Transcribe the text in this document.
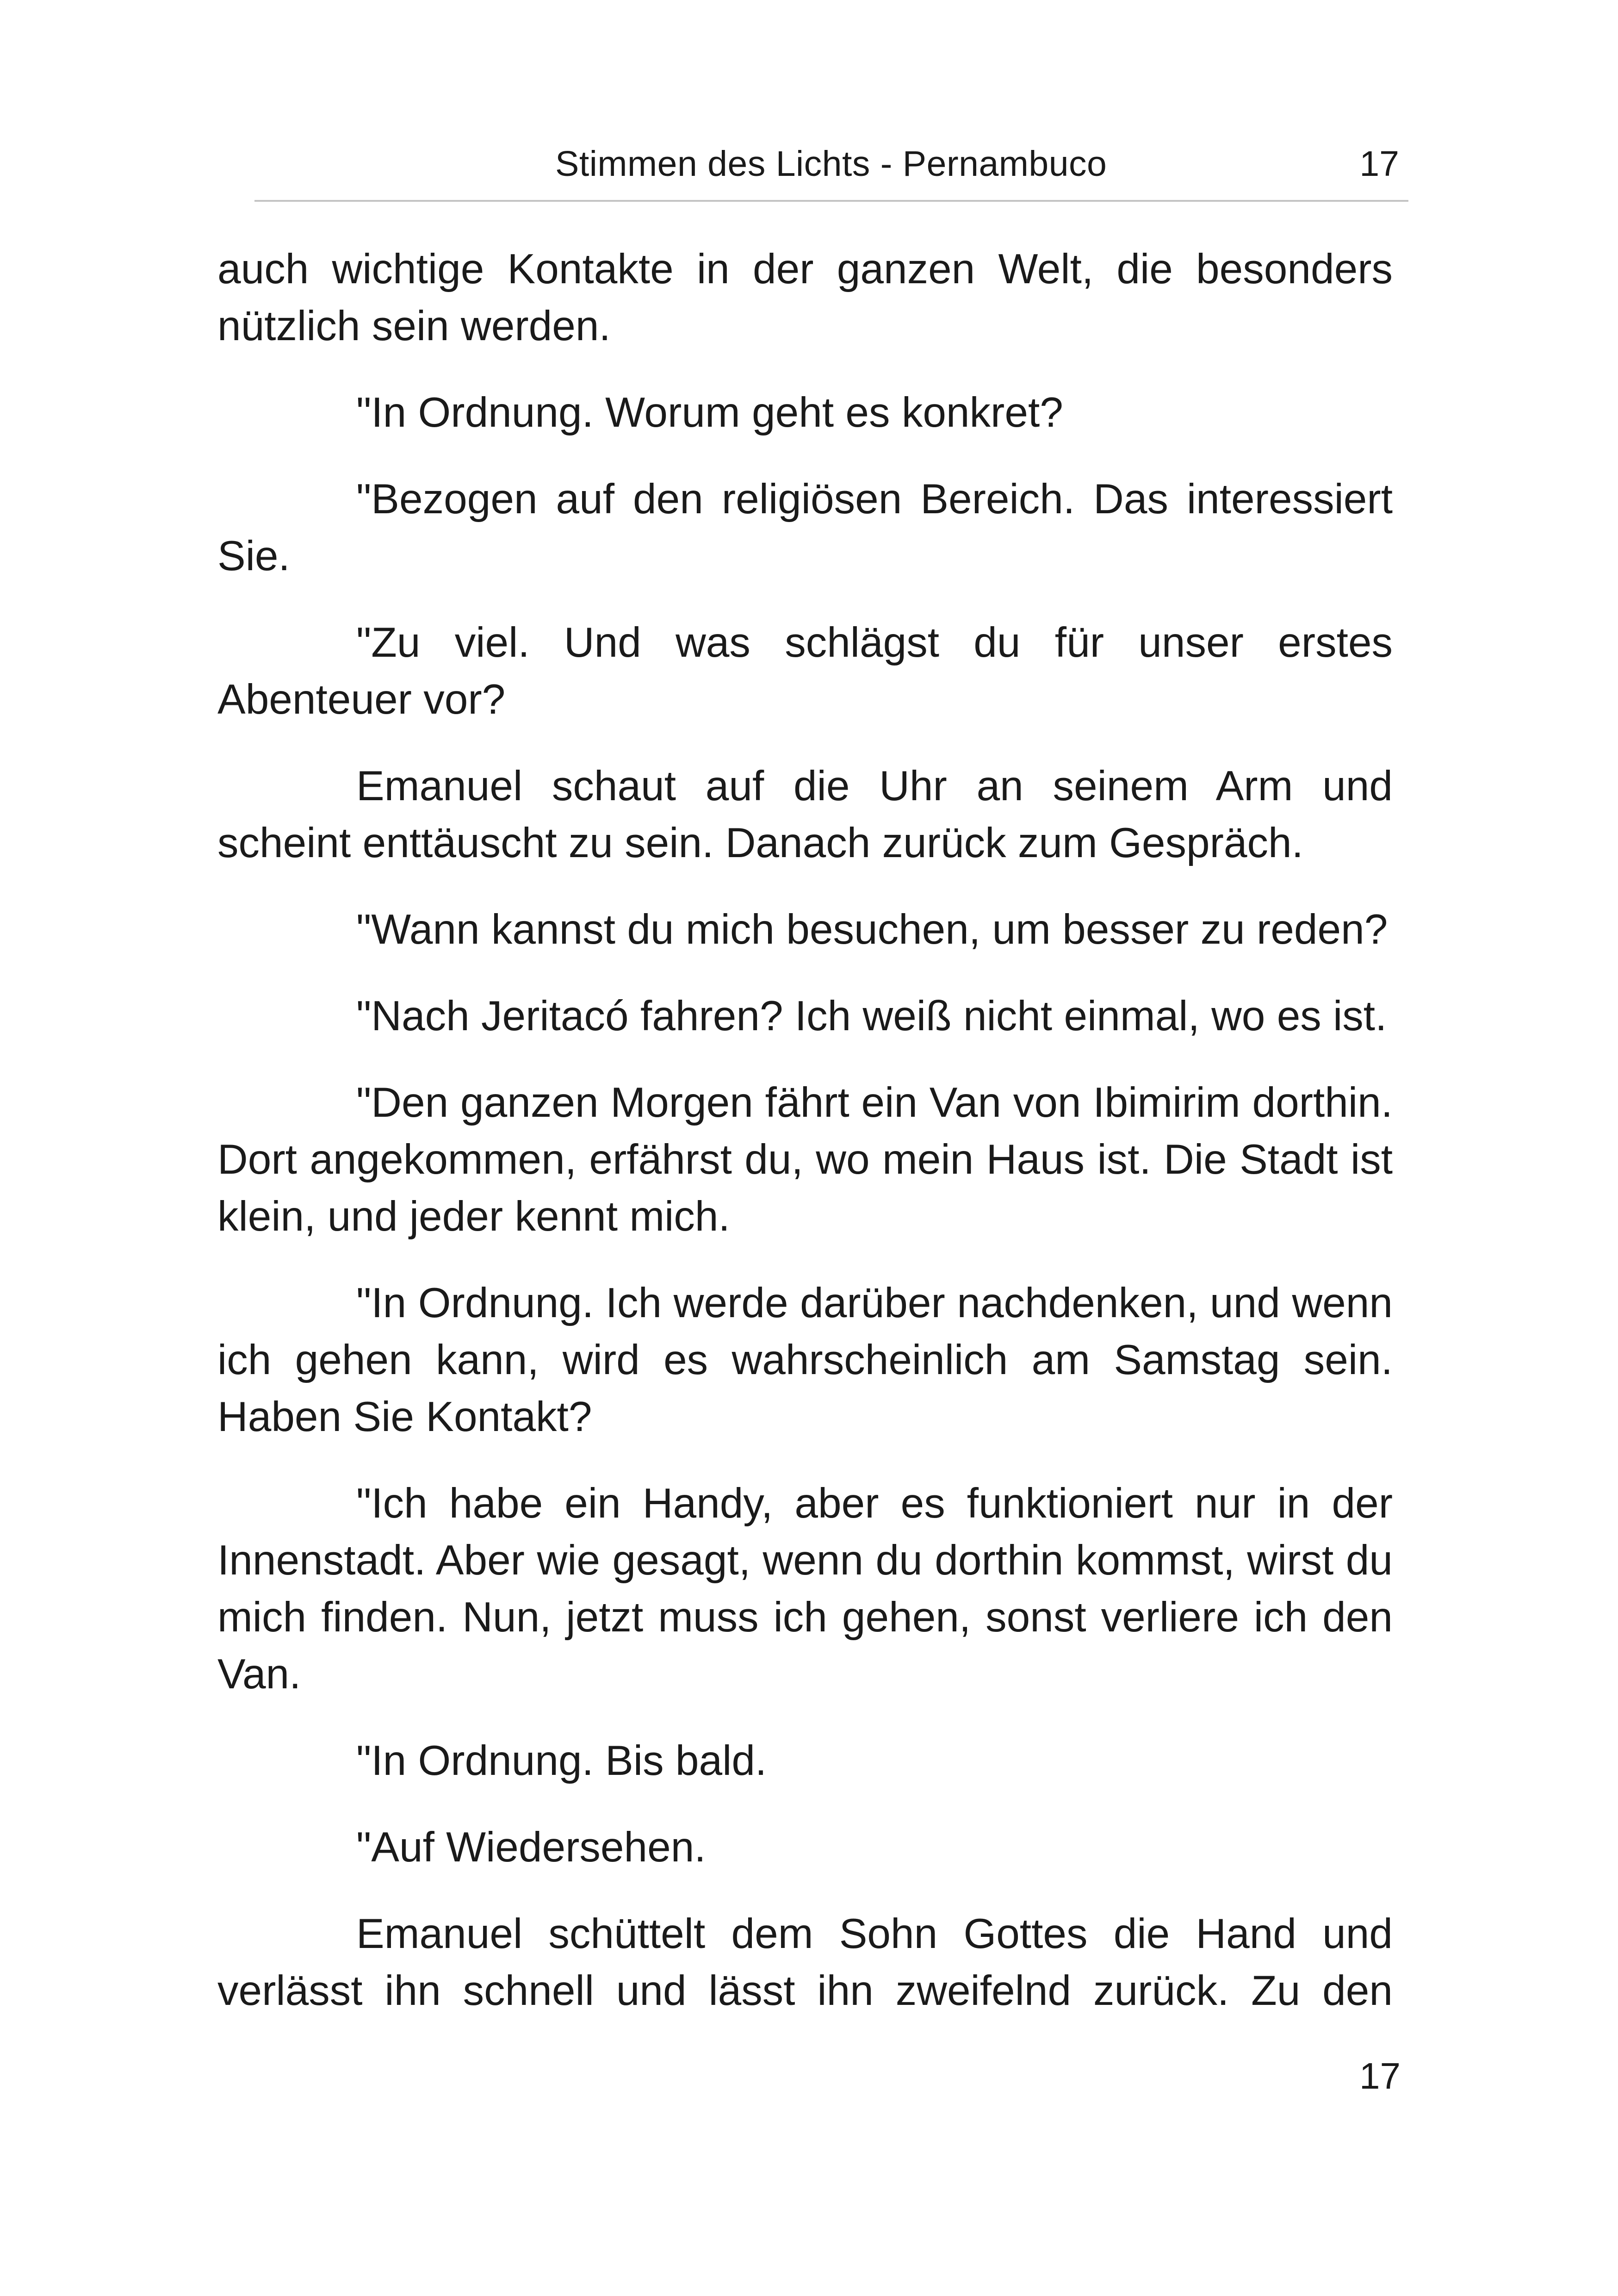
Stimmen des Lichts - Pernambuco	17

auch wichtige Kontakte in der ganzen Welt, die besonders nützlich sein werden.

"In Ordnung. Worum geht es konkret?

"Bezogen auf den religiösen Bereich. Das interessiert Sie.

"Zu viel. Und was schlägst du für unser erstes Abenteuer vor?

Emanuel schaut auf die Uhr an seinem Arm und scheint enttäuscht zu sein. Danach zurück zum Gespräch.

"Wann kannst du mich besuchen, um besser zu reden?

"Nach Jeritacó fahren? Ich weiß nicht einmal, wo es ist.

"Den ganzen Morgen fährt ein Van von Ibimirim dorthin. Dort angekommen, erfährst du, wo mein Haus ist. Die Stadt ist klein, und jeder kennt mich.

"In Ordnung. Ich werde darüber nachdenken, und wenn ich gehen kann, wird es wahrscheinlich am Samstag sein. Haben Sie Kontakt?

"Ich habe ein Handy, aber es funktioniert nur in der Innenstadt. Aber wie gesagt, wenn du dorthin kommst, wirst du mich finden. Nun, jetzt muss ich gehen, sonst verliere ich den Van.

"In Ordnung. Bis bald.

"Auf Wiedersehen.

Emanuel schüttelt dem Sohn Gottes die Hand und verlässt ihn schnell und lässt ihn zweifelnd zurück. Zu den

17
